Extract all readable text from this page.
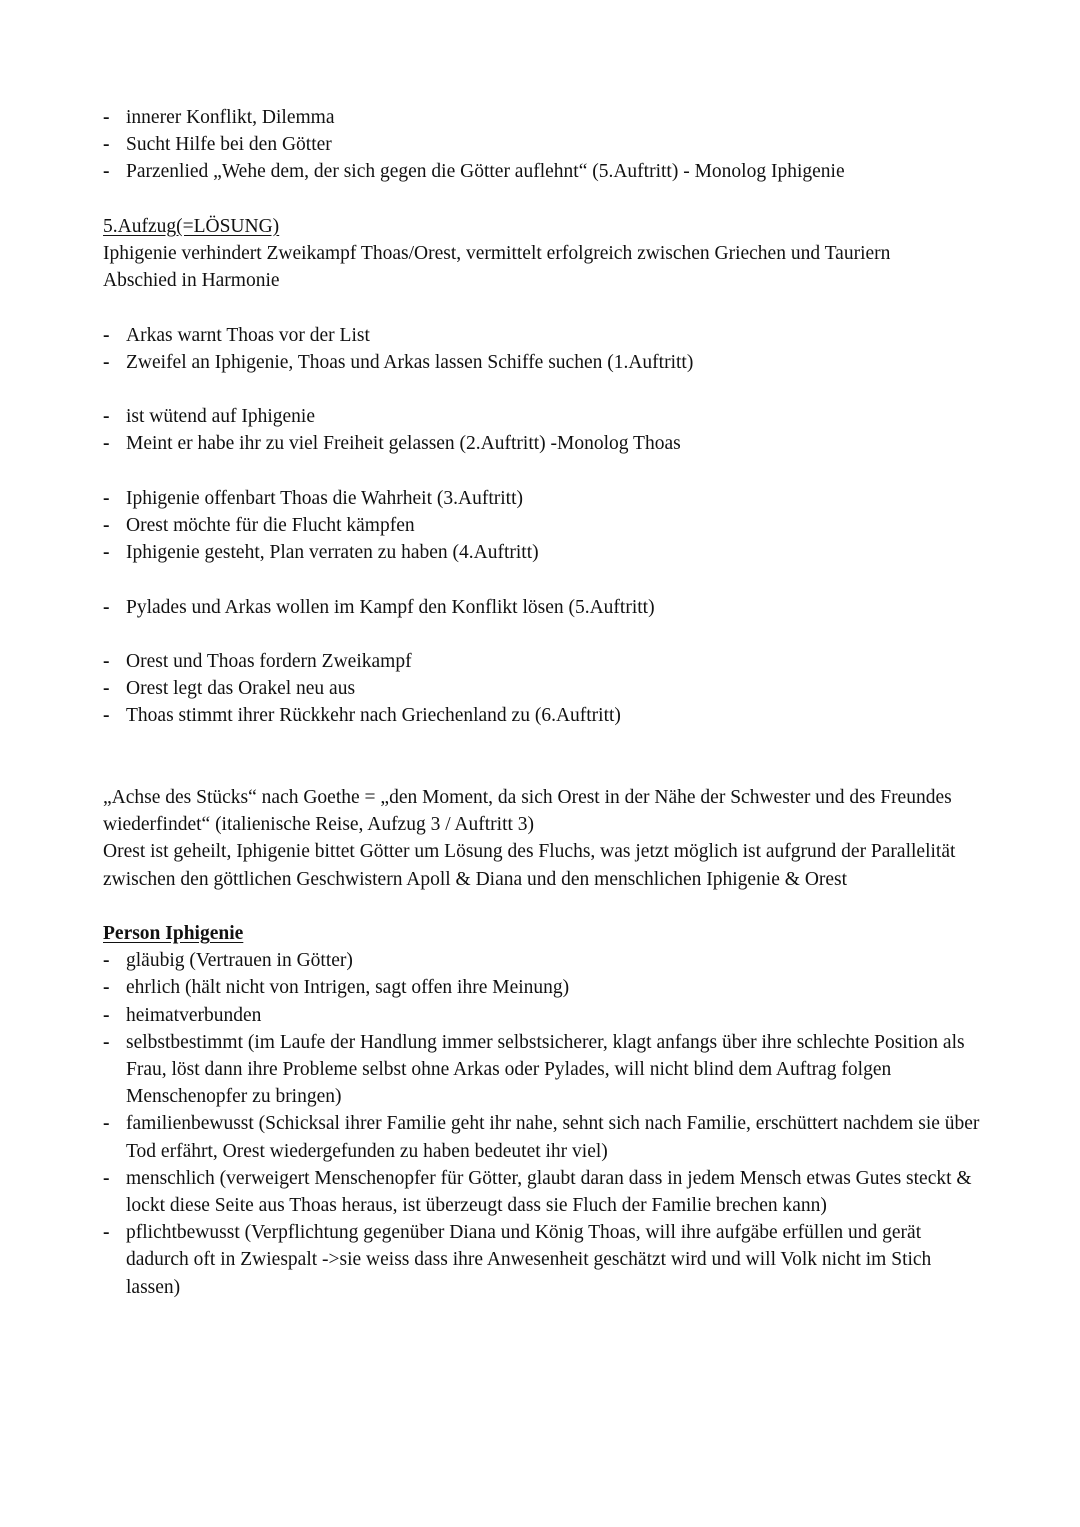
- innerer Konflikt, Dilemma
- Sucht Hilfe bei den Götter
- Parzenlied „Wehe dem, der sich gegen die Götter auflehnt“ (5.Auftritt) - Monolog Iphigenie

5.Aufzug(=LÖSUNG)

Iphigenie verhindert Zweikampf Thoas/Orest, vermittelt erfolgreich zwischen Griechen und Tauriern

Abschied in Harmonie

- Arkas warnt Thoas vor der List
- Zweifel an Iphigenie, Thoas und Arkas lassen Schiffe suchen (1.Auftritt)
- ist wütend auf Iphigenie
- Meint er habe ihr zu viel Freiheit gelassen (2.Auftritt) -Monolog Thoas
- Iphigenie offenbart Thoas die Wahrheit (3.Auftritt)
- Orest möchte für die Flucht kämpfen
- Iphigenie gesteht, Plan verraten zu haben (4.Auftritt)
- Pylades und Arkas wollen im Kampf den Konflikt lösen (5.Auftritt)
- Orest und Thoas fordern Zweikampf
- Orest legt das Orakel neu aus
- Thoas stimmt ihrer Rückkehr nach Griechenland zu (6.Auftritt)

„Achse des Stücks“ nach Goethe = „den Moment, da sich Orest in der Nähe der Schwester und des Freundes wiederfindet“ (italienische Reise, Aufzug 3 / Auftritt 3)

Orest ist geheilt, Iphigenie bittet Götter um Lösung des Fluchs, was jetzt möglich ist aufgrund der Parallelität zwischen den göttlichen Geschwistern Apoll & Diana und den menschlichen Iphigenie & Orest

Person Iphigenie

- gläubig (Vertrauen in Götter)
- ehrlich (hält nicht von Intrigen, sagt offen ihre Meinung)
- heimatverbunden
- selbstbestimmt (im Laufe der Handlung immer selbstsicherer, klagt anfangs über ihre schlechte Position als Frau, löst dann ihre Probleme selbst ohne Arkas oder Pylades, will nicht blind dem Auftrag folgen Menschenopfer zu bringen)
- familienbewusst (Schicksal ihrer Familie geht ihr nahe, sehnt sich nach Familie, erschüttert nachdem sie über Tod erfährt, Orest wiedergefunden zu haben bedeutet ihr viel)
- menschlich (verweigert Menschenopfer für Götter, glaubt daran dass in jedem Mensch etwas Gutes steckt & lockt diese Seite aus Thoas heraus, ist überzeugt dass sie Fluch der Familie brechen kann)
- pflichtbewusst (Verpflichtung gegenüber Diana und König Thoas, will ihre aufgäbe erfüllen und gerät dadurch oft in Zwiespalt ->sie weiss dass ihre Anwesenheit geschätzt wird und will Volk nicht im Stich lassen)
